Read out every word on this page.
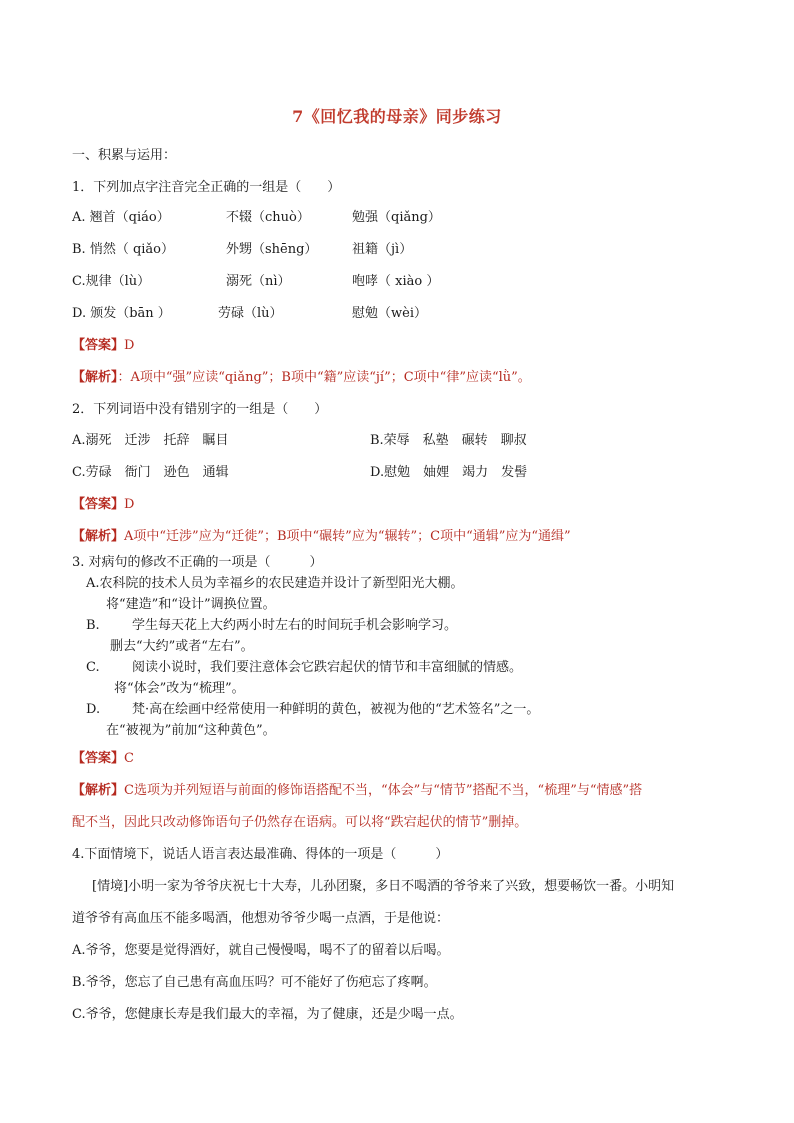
7《回忆我的母亲》同步练习
一、积累与运用：
1．下列加点字注音完全正确的一组是（　　）
A. 翘首（qiáo）	不辍（chuò）	勉强（qiǎng）
B. 悄然（ qiǎo）	外甥（shēng）	祖籍（jì）
C.规律（lù）	溺死（nì）	咆哮（ xiào ）
D. 颁发（bān ）	劳碌（lù）	慰勉（wèi）
【答案】D
【解析】：A项中“强”应读“qiǎng”；B项中“籍”应读“jí”；C项中“律”应读“lǜ”。
2．下列词语中没有错别字的一组是（　　）
A.溺死　迁涉　托辞　瞩目	B.荣辱　私塾　碾转　聊叔
C.劳碌　衙门　逊色　通辑	D.慰勉　妯娌　竭力　发髻
【答案】D
【解析】A项中“迁涉”应为“迁徙”；B项中“碾转”应为“辗转”；C项中“通辑”应为“通缉”
3. 对病句的修改不正确的一项是（　　　）
A.农科院的技术人员为幸福乡的农民建造并设计了新型阳光大棚。
将“建造”和“设计”调换位置。
B. 学生每天花上大约两小时左右的时间玩手机会影响学习。
删去“大约”或者“左右”。
C. 阅读小说时，我们要注意体会它跌宕起伏的情节和丰富细腻的情感。
将“体会”改为“梳理”。
D. 梵·高在绘画中经常使用一种鲜明的黄色，被视为他的“艺术签名”之一。
在“被视为”前加“这种黄色”。
【答案】C
【解析】C选项为并列短语与前面的修饰语搭配不当，“体会”与“情节”搭配不当，“梳理”与“情感”搭
配不当，因此只改动修饰语句子仍然存在语病。可以将“跌宕起伏的情节”删掉。
4.下面情境下，说话人语言表达最准确、得体的一项是（　　　）
[情境]小明一家为爷爷庆祝七十大寿，儿孙团聚，多日不喝酒的爷爷来了兴致，想要畅饮一番。小明知
道爷爷有高血压不能多喝酒，他想劝爷爷少喝一点酒，于是他说：
A.爷爷，您要是觉得酒好，就自己慢慢喝，喝不了的留着以后喝。
B.爷爷，您忘了自己患有高血压吗？可不能好了伤疤忘了疼啊。
C.爷爷，您健康长寿是我们最大的幸福，为了健康，还是少喝一点。
